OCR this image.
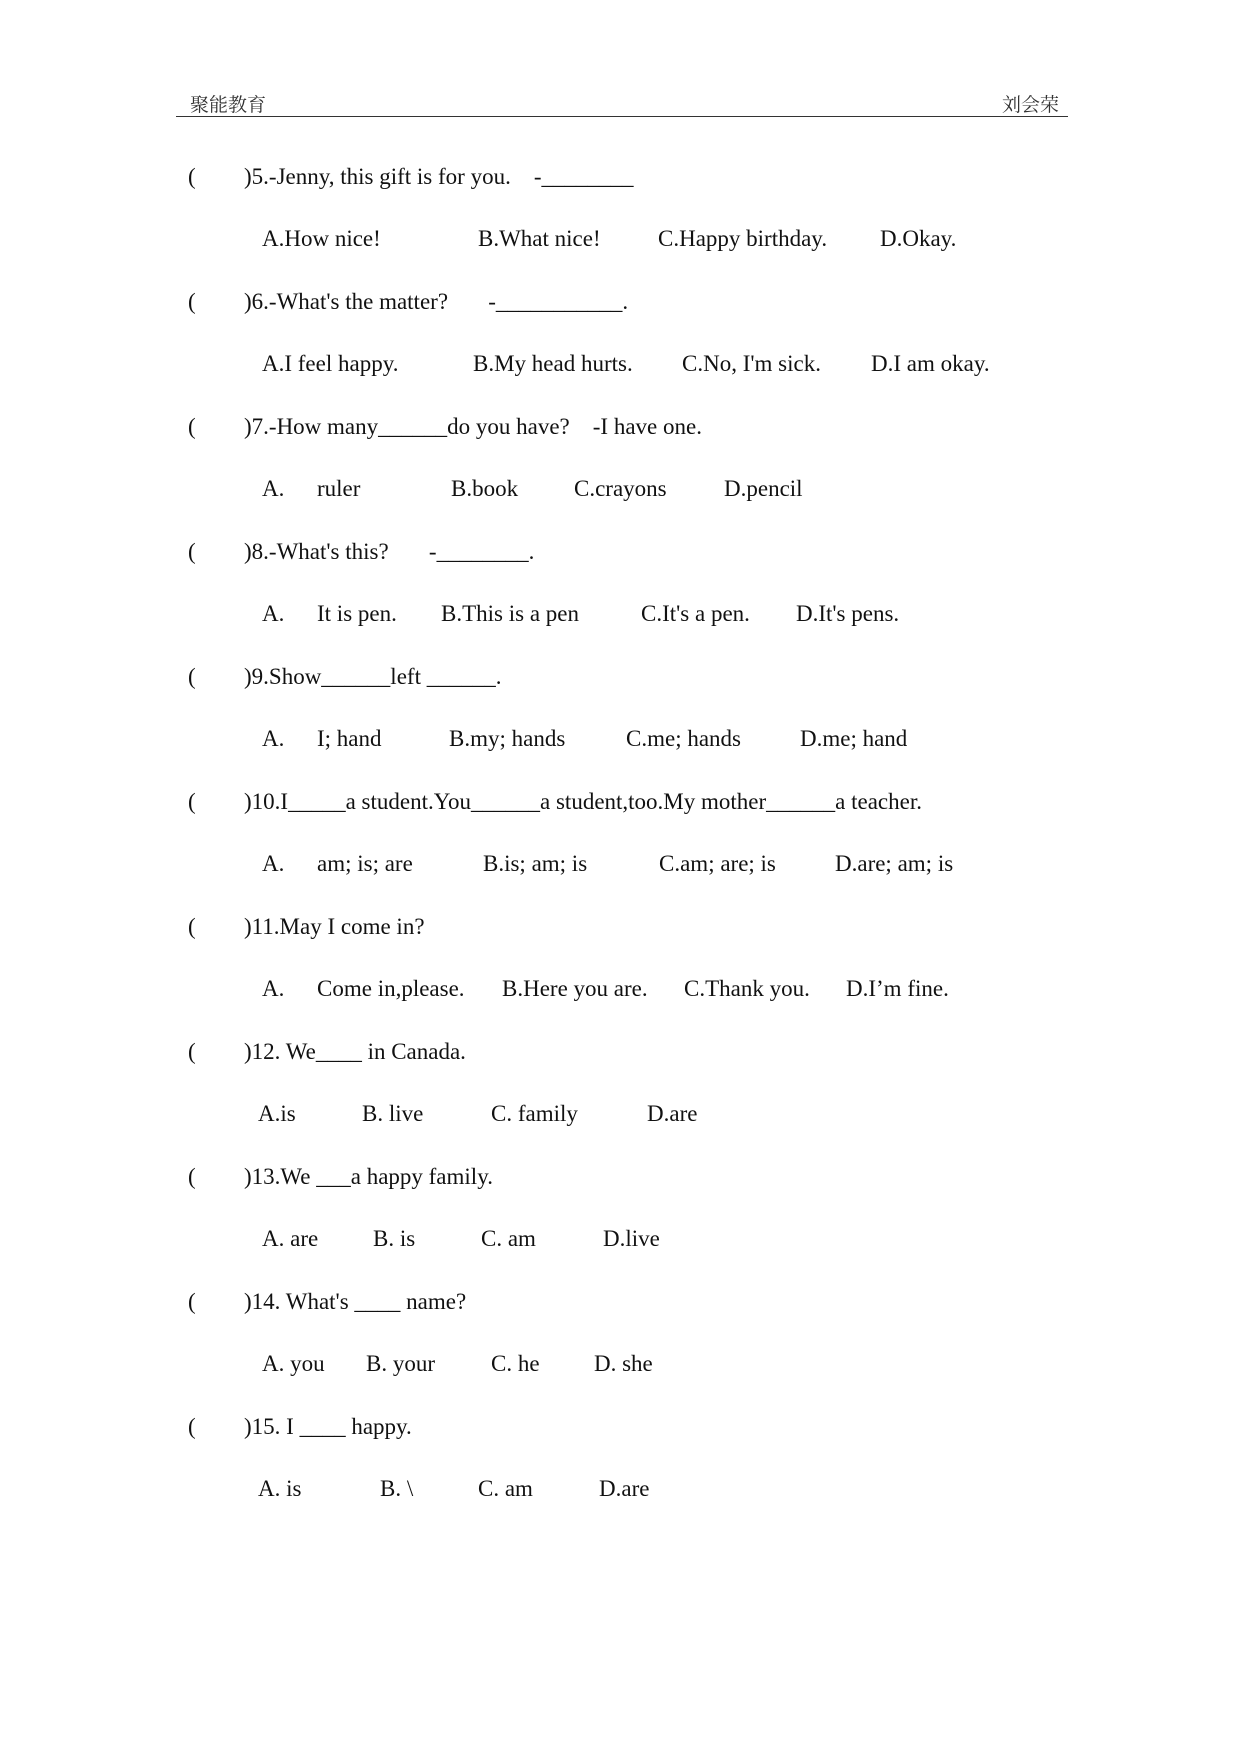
聚能教育	刘会荣
( )5.-Jenny, this gift is for you.    -________
A.How nice!	B.What nice! C.Happy birthday. D.Okay.
( )6.-What's the matter?       -___________.
A.I feel happy.	B.My head hurts. C.No, I'm sick. D.I am okay.
( )7.-How many______do you have?    -I have one.
A. ruler	B.book C.crayons D.pencil
( )8.-What's this?       -________.
A. It is pen. B.This is a pen	C.It's a pen. D.It's pens.
( )9.Show______left ______.
A. I; hand	B.my; hands	C.me; hands	D.me; hand
( )10.I_____a student.You______a student,too.My mother______a teacher.
A. am; is; are	B.is; am; is	C.am; are; is	D.are; am; is
( )11.May I come in?
A. Come in,please. B.Here you are. C.Thank you. D.I’m fine.
( )12. We____ in Canada.
A.is	B. live	C. family	D.are
( )13.We ___a happy family.
A. are B. is	C. am	D.live
( )14. What's ____ name?
A. you B. your C. he D. she
( )15. I ____ happy.
A. is	B. \	C. am	D.are
